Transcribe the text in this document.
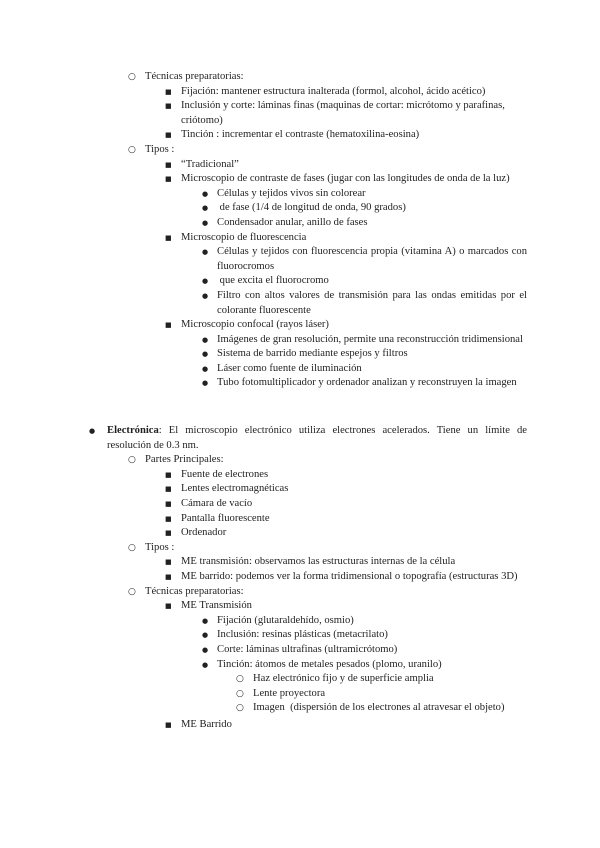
○ Técnicas preparatorias:
■ Fijación: mantener estructura inalterada (formol, alcohol, ácido acético)
■ Inclusión y corte: láminas finas (maquinas de cortar: micrótomo y parafinas, criótomo)
■ Tinción : incrementar el contraste (hematoxilina-eosina)
○ Tipos :
■ “Tradicional”
■ Microscopio de contraste de fases (jugar con las longitudes de onda de la luz)
● Células y tejidos vivos sin colorear
● de fase (1/4 de longitud de onda, 90 grados)
● Condensador anular, anillo de fases
■ Microscopio de fluorescencia
● Células y tejidos con fluorescencia propia (vitamina A) o marcados con fluorocromos
● que excita el fluorocromo
● Filtro con altos valores de transmisión para las ondas emitidas por el colorante fluorescente
■ Microscopio confocal (rayos láser)
● Imágenes de gran resolución, permite una reconstrucción tridimensional
● Sistema de barrido mediante espejos y filtros
● Láser como fuente de iluminación
● Tubo fotomultiplicador y ordenador analizan y reconstruyen la imagen
● Electrónica: El microscopio electrónico utiliza electrones acelerados. Tiene un límite de resolución de 0.3 nm.
○ Partes Principales:
■ Fuente de electrones
■ Lentes electromagnéticas
■ Cámara de vacío
■ Pantalla fluorescente
■ Ordenador
○ Tipos :
■ ME transmisión: observamos las estructuras internas de la célula
■ ME barrido: podemos ver la forma tridimensional o topografía (estructuras 3D)
○ Técnicas preparatorias:
■ ME Transmisión
● Fijación (glutaraldehído, osmio)
● Inclusión: resinas plásticas (metacrilato)
● Corte: láminas ultrafinas (ultramicrótomo)
● Tinción: átomos de metales pesados (plomo, uranilo)
○ Haz electrónico fijo y de superficie amplia
○ Lente proyectora
○ Imagen  (dispersión de los electrones al atravesar el objeto)
■ ME Barrido
